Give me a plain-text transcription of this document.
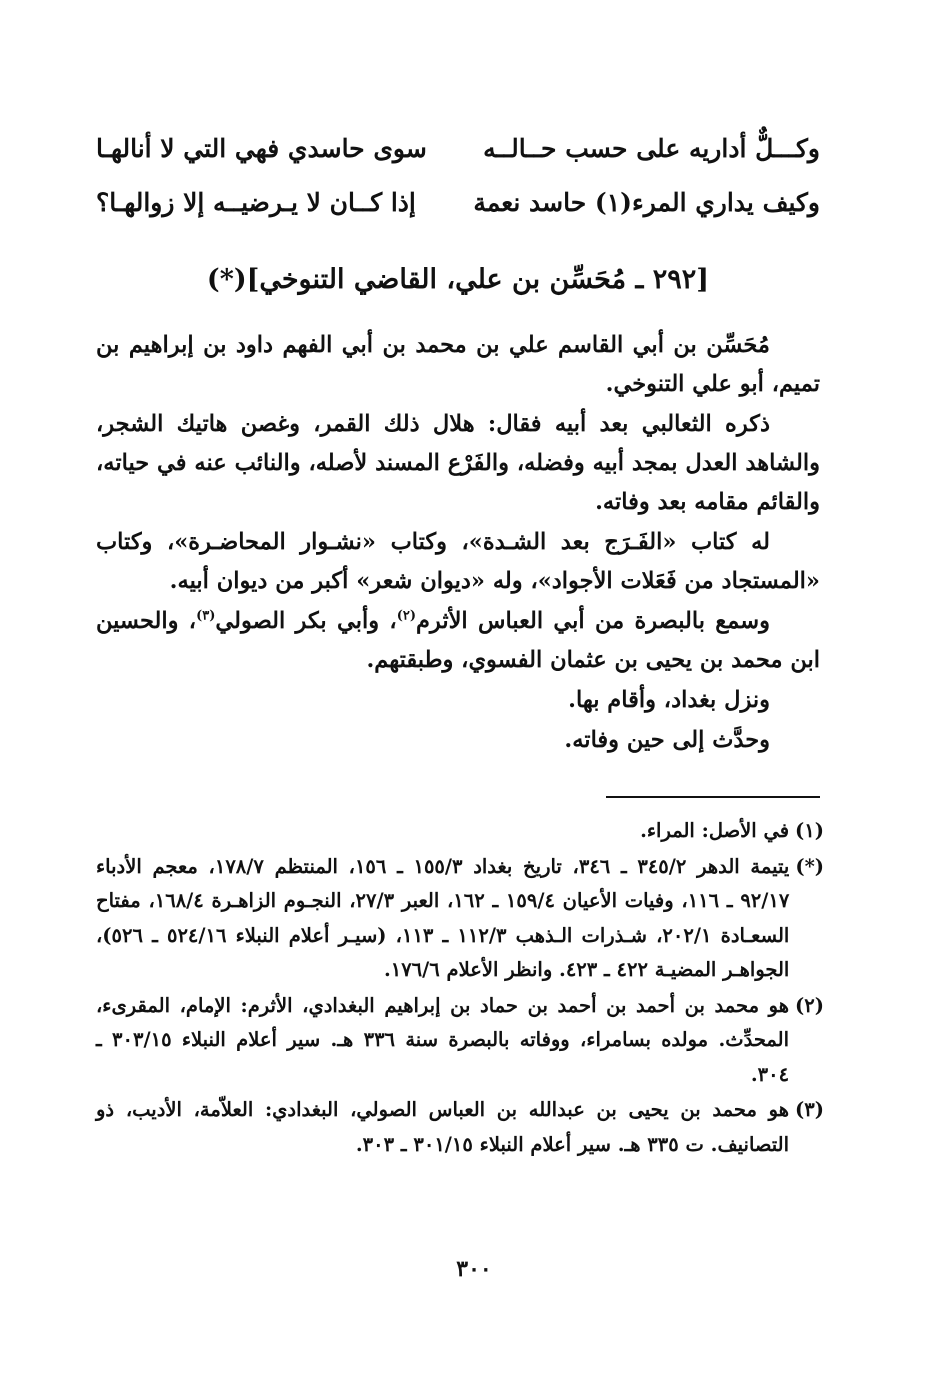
وكـــلٌّ أداريه على حسب حــالــه
سوى حاسدي فهي التي لا أنالهـا
وكيف يداري المرء(١) حاسد نعمة
إذا كــان لا يـرضيــه إلا زوالهـا؟
[٢٩٢ ـ مُحَسِّن بن علي، القاضي التنوخي](*)

مُحَسِّن بن أبي القاسم علي بن محمد بن أبي الفهم داود بن إبراهيم بن تميم، أبو علي التنوخي.

ذكره الثعالبي بعد أبيه فقال: هلال ذلك القمر، وغصن هاتيك الشجر، والشاهد العدل بمجد أبيه وفضله، والفَرْع المسند لأصله، والنائب عنه في حياته، والقائم مقامه بعد وفاته.

له كتاب «الفَـرَج بعد الشـدة»، وكتاب «نشـوار المحاضـرة»، وكتاب «المستجاد من فَعَلات الأجواد»، وله «ديوان شعر» أكبر من ديوان أبيه.

وسمع بالبصرة من أبي العباس الأثرم$^{(٢)}$، وأبي بكر الصولي$^{(٣)}$، والحسين ابن محمد بن يحيى بن عثمان الفسوي، وطبقتهم.

ونزل بغداد، وأقام بها.

وحدَّث إلى حين وفاته.

(١)
في الأصل: المراء.
(*)
يتيمة الدهر ٣٤٥/٢ ـ ٣٤٦، تاريخ بغداد ١٥٥/٣ ـ ١٥٦، المنتظم ١٧٨/٧، معجم الأدباء ٩٢/١٧ ـ ١١٦، وفيات الأعيان ١٥٩/٤ ـ ١٦٢، العبر ٢٧/٣، النجـوم الزاهـرة ١٦٨/٤، مفتاح السعـادة ٢٠٢/١، شـذرات الـذهب ١١٢/٣ ـ ١١٣، (سيـر أعلام النبلاء ٥٢٤/١٦ ـ ٥٢٦)، الجواهـر المضيـة ٤٢٢ ـ ٤٢٣. وانظر الأعلام ١٧٦/٦.
(٢)
هو محمد بن أحمد بن أحمد بن حماد بن إبراهيم البغدادي، الأثرم: الإمام، المقرىء، المحدِّث. مولده بسامراء، ووفاته بالبصرة سنة ٣٣٦ هـ. سير أعلام النبلاء ٣٠٣/١٥ ـ ٣٠٤.
(٣)
هو محمد بن يحيى بن عبدالله بن العباس الصولي، البغدادي: العلاّمة، الأديب، ذو التصانيف. ت ٣٣٥ هـ. سير أعلام النبلاء ٣٠١/١٥ ـ ٣٠٣.
٣٠٠
